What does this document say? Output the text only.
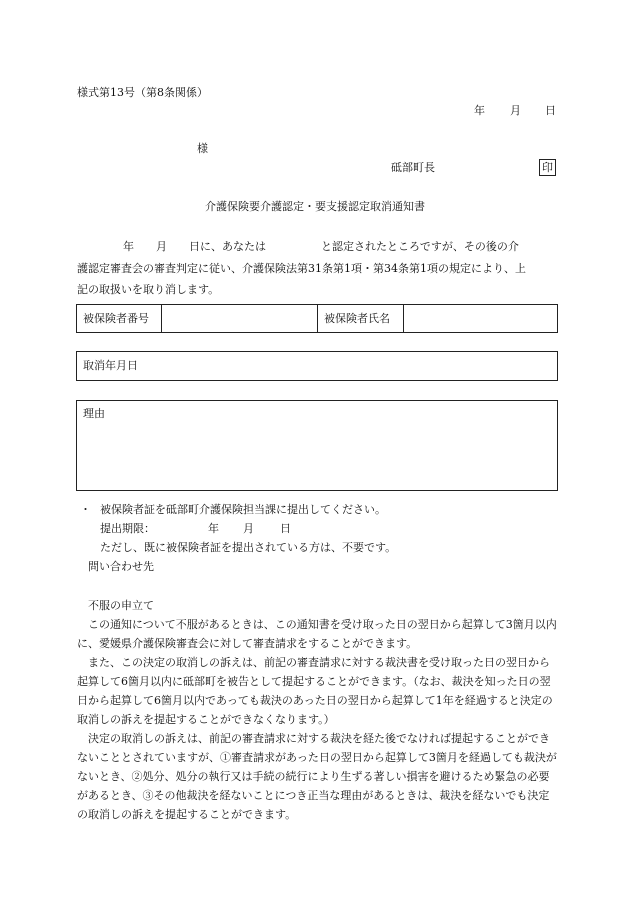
様式第13号（第8条関係）
年 月 日
様
砥部町長	印
介護保険要介護認定・要支援認定取消通知書
年　　月　　日に、あなたは　　　　　と認定されたところですが、その後の介
護認定審査会の審査判定に従い、介護保険法第31条第1項・第34条第1項の規定により、上
記の取扱いを取り消します。
被保険者番号	被保険者氏名
取消年月日
理由
・ 被保険者証を砥部町介護保険担当課に提出してください。
提出期限：	年 月 日
ただし、既に被保険者証を提出されている方は、不要です。
問い合わせ先
不服の申立て

この通知について不服があるときは、この通知書を受け取った日の翌日から起算して3箇月以内に、愛媛県介護保険審査会に対して審査請求をすることができます。

また、この決定の取消しの訴えは、前記の審査請求に対する裁決書を受け取った日の翌日から起算して6箇月以内に砥部町を被告として提起することができます。（なお、裁決を知った日の翌日から起算して6箇月以内であっても裁決のあった日の翌日から起算して1年を経過すると決定の取消しの訴えを提起することができなくなります。）

決定の取消しの訴えは、前記の審査請求に対する裁決を経た後でなければ提起することができないこととされていますが、①審査請求があった日の翌日から起算して3箇月を経過しても裁決がないとき、②処分、処分の執行又は手続の続行により生ずる著しい損害を避けるため緊急の必要があるとき、③その他裁決を経ないことにつき正当な理由があるときは、裁決を経ないでも決定の取消しの訴えを提起することができます。
